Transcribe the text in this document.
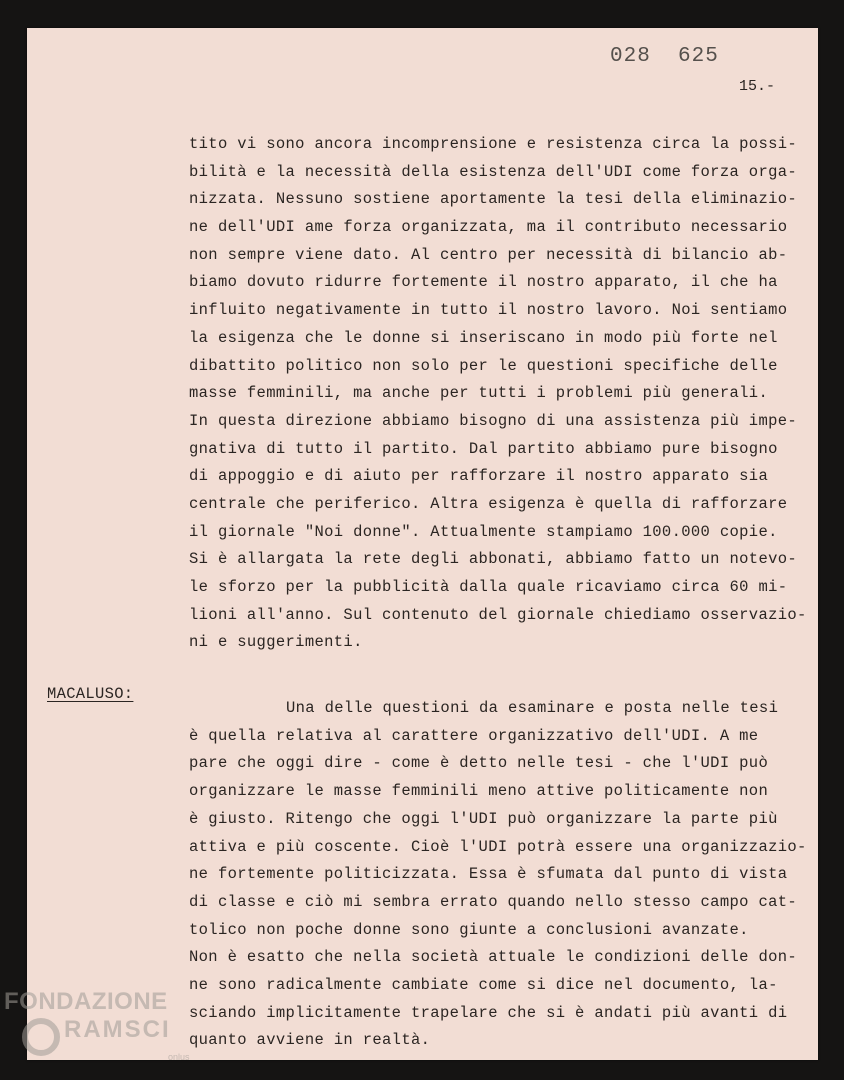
028  625
15.-
tito vi sono ancora incomprensione e resistenza circa la possi-
bilità e la necessità della esistenza dell'UDI come forza orga-
nizzata. Nessuno sostiene aportamente la tesi della eliminazio-
ne dell'UDI ame forza organizzata, ma il contributo necessario
non sempre viene dato. Al centro per necessità di bilancio ab-
biamo dovuto ridurre fortemente il nostro apparato, il che ha
influito negativamente in tutto il nostro lavoro. Noi sentiamo
la esigenza che le donne si inseriscano in modo più forte nel
dibattito politico non solo per le questioni specifiche delle
masse femminili, ma anche per tutti i problemi più generali.
In questa direzione abbiamo bisogno di una assistenza più impe-
gnativa di tutto il partito. Dal partito abbiamo pure bisogno
di appoggio e di aiuto per rafforzare il nostro apparato sia
centrale che periferico. Altra esigenza è quella di rafforzare
il giornale "Noi donne". Attualmente stampiamo 100.000 copie.
Si è allargata la rete degli abbonati, abbiamo fatto un notevo-
le sforzo per la pubblicità dalla quale ricaviamo circa 60 mi-
lioni all'anno. Sul contenuto del giornale chiediamo osservazio-
ni e suggerimenti.
Una delle questioni da esaminare e posta nelle tesi
è quella relativa al carattere organizzativo dell'UDI. A me
pare che oggi dire - come è detto nelle tesi - che l'UDI può
organizzare le masse femminili meno attive politicamente non
è giusto. Ritengo che oggi l'UDI può organizzare la parte più
attiva e più coscente. Cioè l'UDI potrà essere una organizzazio-
ne fortemente politicizzata. Essa è sfumata dal punto di vista
di classe e ciò mi sembra errato quando nello stesso campo cat-
tolico non poche donne sono giunte a conclusioni avanzate.
Non è esatto che nella società attuale le condizioni delle don-
ne sono radicalmente cambiate come si dice nel documento, la-
sciando implicitamente trapelare che si è andati più avanti di
quanto avviene in realtà.
MACALUSO:
FONDAZIONE
RAMSCI
onlus
